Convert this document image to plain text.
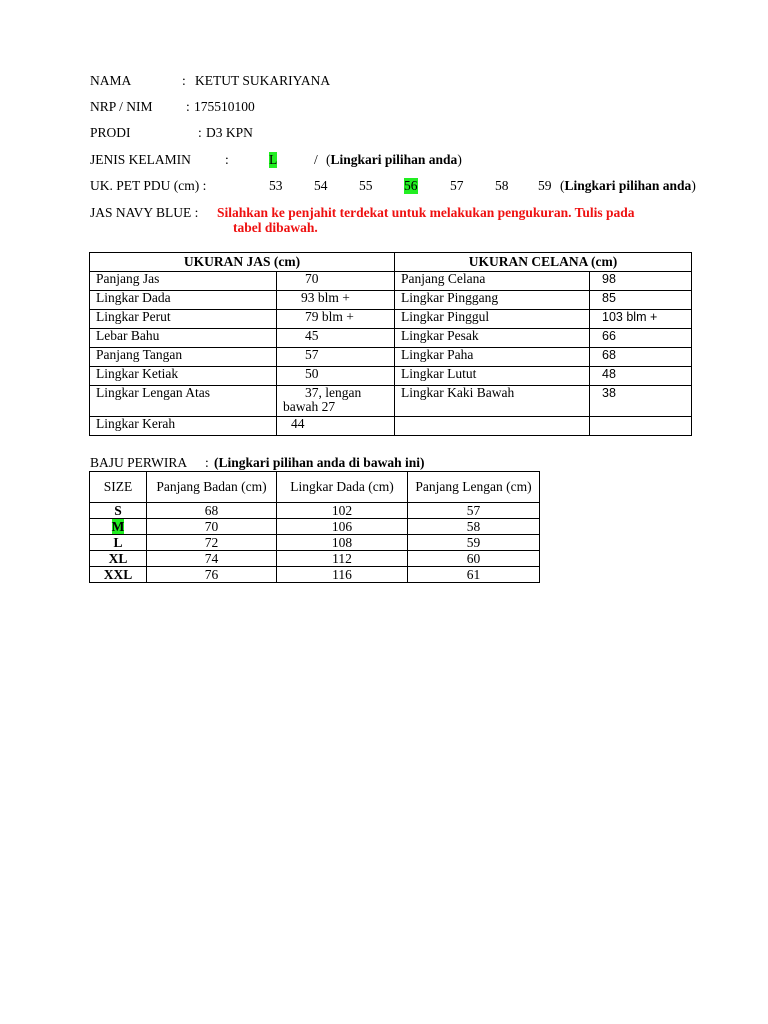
NAMA	: KETUT SUKARIYANA
NRP / NIM : 175510100
PRODI	: D3 KPN
JENIS KELAMIN	:	L	/ (Lingkari pilihan anda)
UK. PET PDU (cm) :	53 54 55 56 57 58 59 (Lingkari pilihan anda)
JAS NAVY BLUE : Silahkan ke penjahit terdekat untuk melakukan pengukuran. Tulis pada
tabel dibawah.
UKURAN JAS (cm)		UKURAN CELANA (cm)	
Panjang Jas	70	Panjang Celana	98
Lingkar Dada	93 blm +	Lingkar Pinggang	85
Lingkar Perut	79 blm +	Lingkar Pinggul	103 blm +
Lebar Bahu	45	Lingkar Pesak	66
Panjang Tangan	57	Lingkar Paha	68
Lingkar Ketiak	50	Lingkar Lutut	48
Lingkar Lengan Atas	37, lengan bawah 27	Lingkar Kaki Bawah	38
Lingkar Kerah	44		
BAJU PERWIRA : (Lingkari pilihan anda di bawah ini)
SIZE	Panjang Badan (cm)	Lingkar Dada (cm)	Panjang Lengan (cm)
S	68	102	57
M	70	106	58
L	72	108	59
XL	74	112	60
XXL	76	116	61
